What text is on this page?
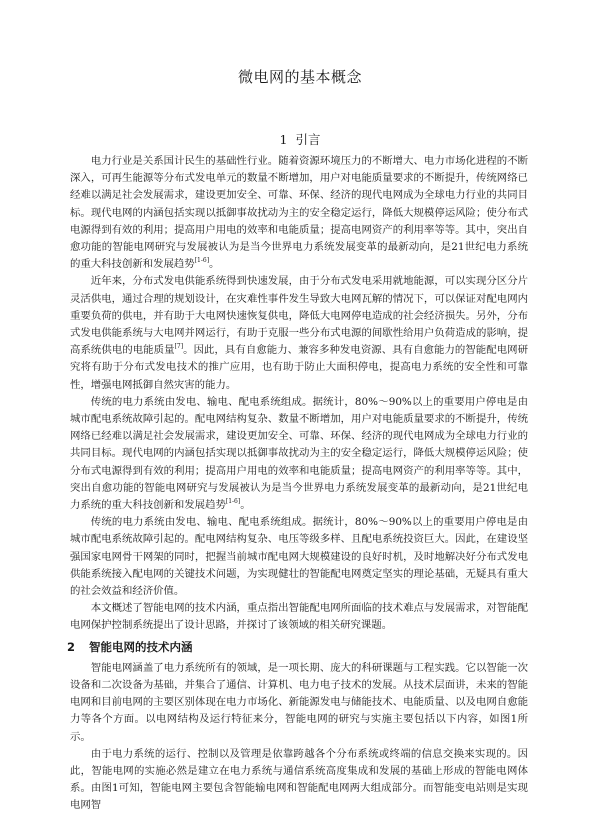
微电网的基本概念
1 引言

电力行业是关系国计民生的基础性行业。随着资源环境压力的不断增大、电力市场化进程的不断深入，可再生能源等分布式发电单元的数量不断增加，用户对电能质量要求的不断提升，传统网络已经难以满足社会发展需求，建设更加安全、可靠、环保、经济的现代电网成为全球电力行业的共同目标。现代电网的内涵包括实现以抵御事故扰动为主的安全稳定运行，降低大规模停运风险；使分布式电源得到有效的利用；提高用户用电的效率和电能质量；提高电网资产的利用率等等。其中，突出自愈功能的智能电网研究与发展被认为是当今世界电力系统发展变革的最新动向，是21世纪电力系统的重大科技创新和发展趋势[1-6]。

近年来，分布式发电供能系统得到快速发展，由于分布式发电采用就地能源，可以实现分区分片灵活供电，通过合理的规划设计，在灾难性事件发生导致大电网瓦解的情况下，可以保证对配电网内重要负荷的供电，并有助于大电网快速恢复供电，降低大电网停电造成的社会经济损失。另外，分布式发电供能系统与大电网并网运行，有助于克服一些分布式电源的间歇性给用户负荷造成的影响，提高系统供电的电能质量[7]。因此，具有自愈能力、兼容多种发电资源、具有自愈能力的智能配电网研究将有助于分布式发电技术的推广应用，也有助于防止大面积停电，提高电力系统的安全性和可靠性，增强电网抵御自然灾害的能力。

传统的电力系统由发电、输电、配电系统组成。据统计，80%～90%以上的重要用户停电是由城市配电系统故障引起的。配电网结构复杂、数量不断增加，用户对电能质量要求的不断提升，传统网络已经难以满足社会发展需求，建设更加安全、可靠、环保、经济的现代电网成为全球电力行业的共同目标。现代电网的内涵包括实现以抵御事故扰动为主的安全稳定运行，降低大规模停运风险；使分布式电源得到有效的利用；提高用户用电的效率和电能质量；提高电网资产的利用率等等。其中，突出自愈功能的智能电网研究与发展被认为是当今世界电力系统发展变革的最新动向，是21世纪电力系统的重大科技创新和发展趋势[1-6]。

传统的电力系统由发电、输电、配电系统组成。据统计，80%～90%以上的重要用户停电是由城市配电系统故障引起的。配电网结构复杂、电压等级多样、且配电系统投资巨大。因此，在建设坚强国家电网骨干网架的同时，把握当前城市配电网大规模建设的良好时机，及时地解决好分布式发电供能系统接入配电网的关键技术问题，为实现健壮的智能配电网奠定坚实的理论基础，无疑具有重大的社会效益和经济价值。

本文概述了智能电网的技术内涵，重点指出智能配电网所面临的技术难点与发展需求，对智能配电网保护控制系统提出了设计思路，并探讨了该领域的相关研究课题。

2 智能电网的技术内涵

智能电网涵盖了电力系统所有的领域，是一项长期、庞大的科研课题与工程实践。它以智能一次设备和二次设备为基础，并集合了通信、计算机、电力电子技术的发展。从技术层面讲，未来的智能电网和目前电网的主要区别体现在电力市场化、新能源发电与储能技术、电能质量、以及电网自愈能力等各个方面。以电网结构及运行特征来分，智能电网的研究与实施主要包括以下内容，如图1所示。

由于电力系统的运行、控制以及管理是依靠跨越各个分布系统或终端的信息交换来实现的。因此，智能电网的实施必然是建立在电力系统与通信系统高度集成和发展的基础上形成的智能电网体系。由图1可知，智能电网主要包含智能输电网和智能配电网两大组成部分。而智能变电站则是实现电网智
